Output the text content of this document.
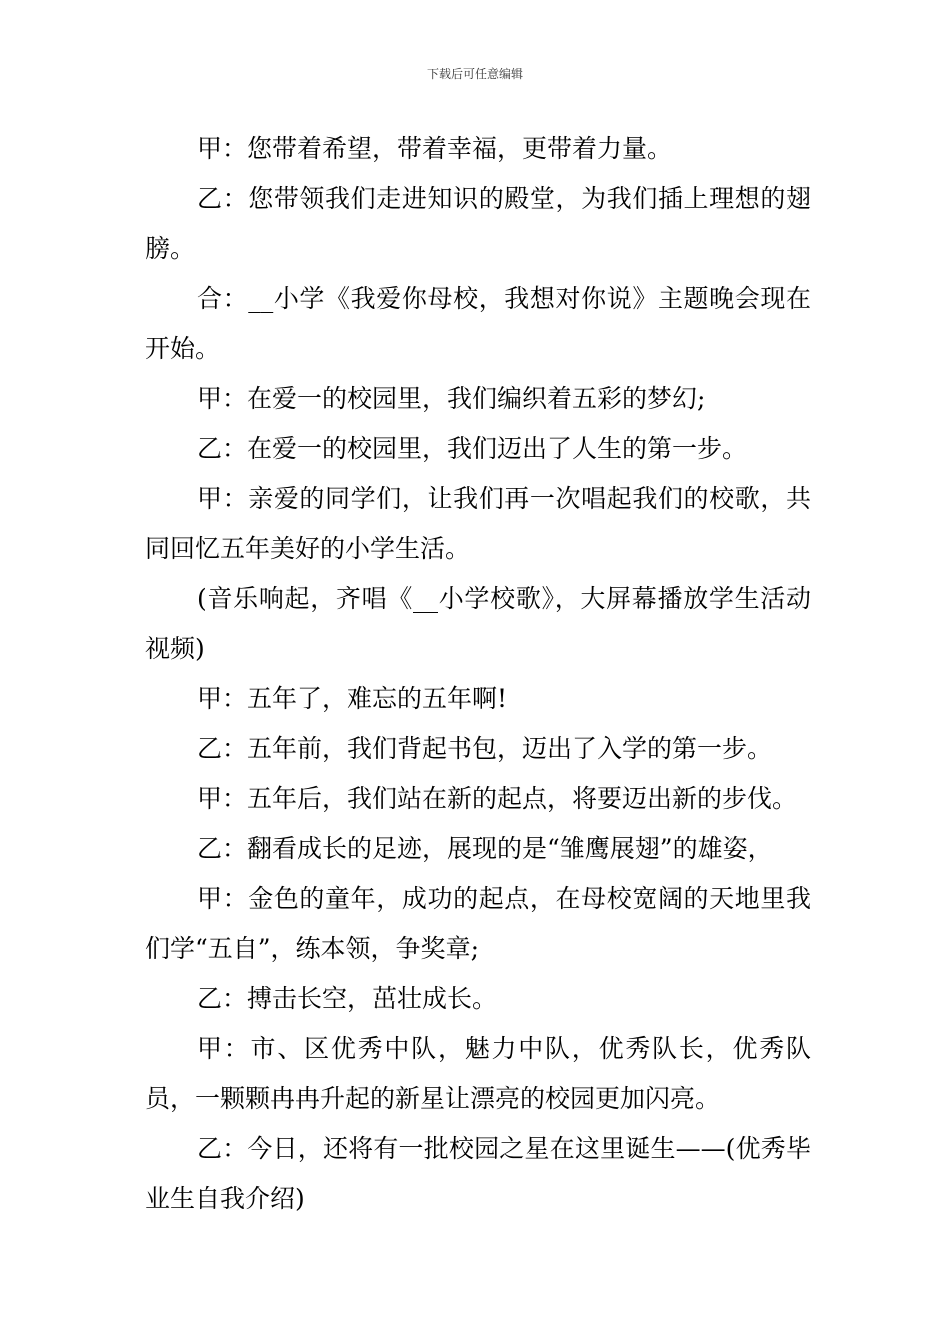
下载后可任意编辑

甲：您带着希望，带着幸福，更带着力量。

乙：您带领我们走进知识的殿堂，为我们插上理想的翅膀。

合：__小学《我爱你母校，我想对你说》主题晚会现在开始。

甲：在爱一的校园里，我们编织着五彩的梦幻;

乙：在爱一的校园里，我们迈出了人生的第一步。

甲：亲爱的同学们，让我们再一次唱起我们的校歌，共同回忆五年美好的小学生活。

(音乐响起，齐唱《__小学校歌》，大屏幕播放学生活动视频)

甲：五年了，难忘的五年啊!

乙：五年前，我们背起书包，迈出了入学的第一步。

甲：五年后，我们站在新的起点，将要迈出新的步伐。

乙：翻看成长的足迹，展现的是“雏鹰展翅”的雄姿，

甲：金色的童年，成功的起点，在母校宽阔的天地里我们学“五自”，练本领，争奖章;

乙：搏击长空，茁壮成长。

甲：市、区优秀中队，魅力中队，优秀队长，优秀队员，一颗颗冉冉升起的新星让漂亮的校园更加闪亮。

乙：今日，还将有一批校园之星在这里诞生——(优秀毕业生自我介绍)
